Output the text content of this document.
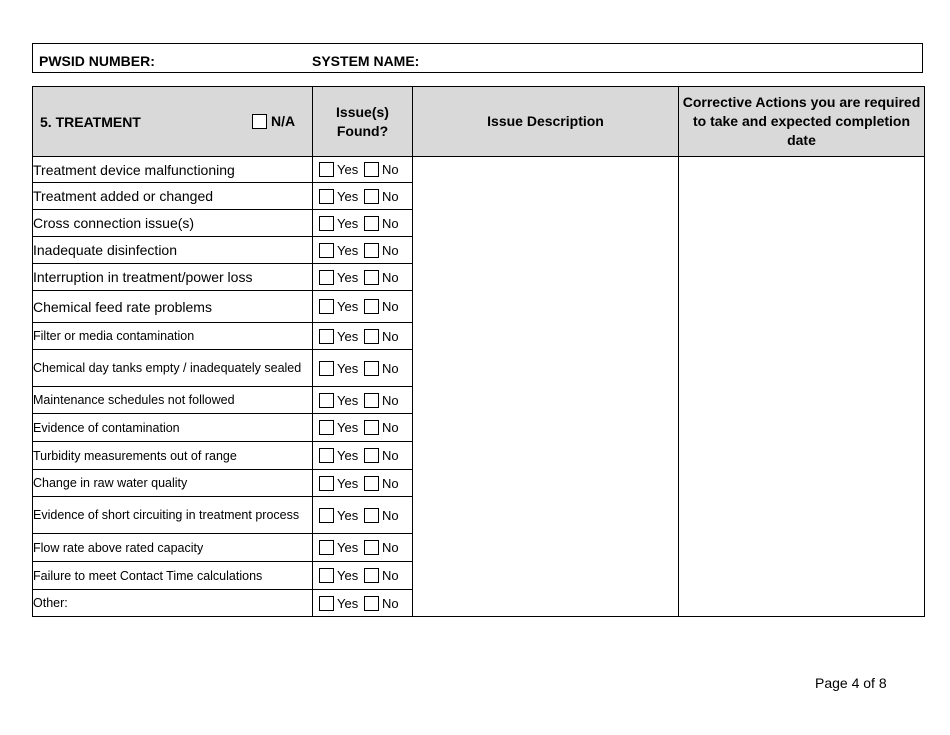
PWSID NUMBER:	SYSTEM NAME:
5. TREATMENT N/A	Issue(s) Found?	Issue Description	Corrective Actions you are required to take and expected completion date
Treatment device malfunctioning	Yes No		

Treatment added or changed	Yes No		

Cross connection issue(s)	Yes No		

Inadequate disinfection	Yes No		

Interruption in treatment/power loss	Yes No		

Chemical feed rate problems	Yes No		

Filter or media contamination	Yes No		

Chemical day tanks empty / inadequately sealed	Yes No		

Maintenance schedules not followed	Yes No		

Evidence of contamination	Yes No		

Turbidity measurements out of range	Yes No		

Change in raw water quality	Yes No		

Evidence of short circuiting in treatment process	Yes No		

Flow rate above rated capacity	Yes No		

Failure to meet Contact Time calculations	Yes No		

Other:	Yes No		
Page 4 of 8
